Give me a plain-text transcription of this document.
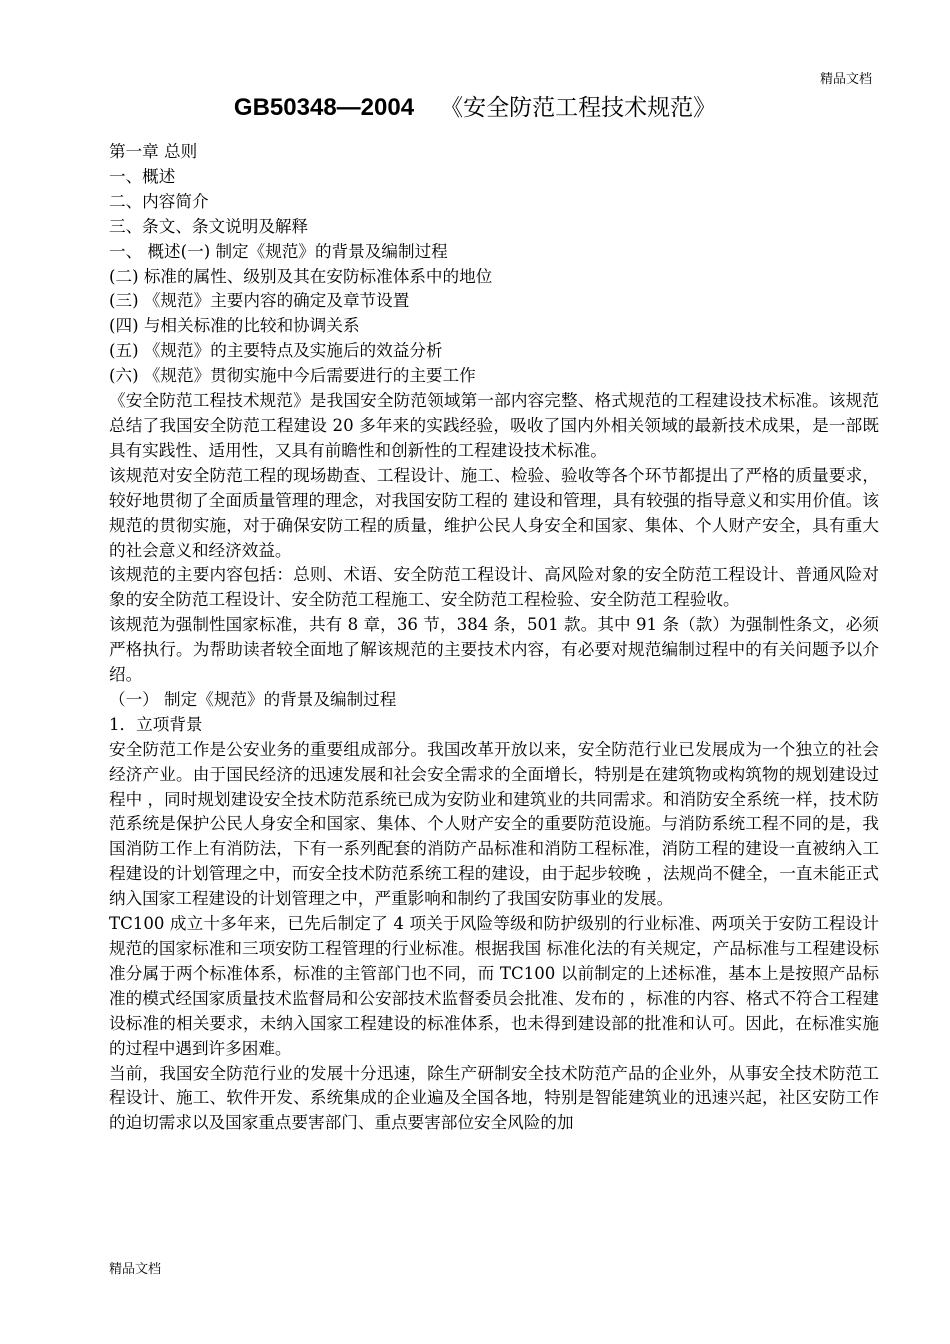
精品文档
GB50348—2004 《安全防范工程技术规范》
第一章 总则
一、概述
二、内容简介
三、条文、条文说明及解释
一、 概述(一) 制定《规范》的背景及编制过程
(二) 标准的属性、级别及其在安防标准体系中的地位
(三) 《规范》主要内容的确定及章节设置
(四) 与相关标准的比较和协调关系
(五) 《规范》的主要特点及实施后的效益分析
(六) 《规范》贯彻实施中今后需要进行的主要工作
《安全防范工程技术规范》是我国安全防范领域第一部内容完整、格式规范的工程建设技术标准。该规范总结了我国安全防范工程建设 20 多年来的实践经验，吸收了国内外相关领域的最新技术成果，是一部既具有实践性、适用性，又具有前瞻性和创新性的工程建设技术标准。
该规范对安全防范工程的现场勘查、工程设计、施工、检验、验收等各个环节都提出了严格的质量要求，较好地贯彻了全面质量管理的理念，对我国安防工程的 建设和管理，具有较强的指导意义和实用价值。该规范的贯彻实施，对于确保安防工程的质量，维护公民人身安全和国家、集体、个人财产安全，具有重大的社会意义和经济效益。
该规范的主要内容包括：总则、术语、安全防范工程设计、高风险对象的安全防范工程设计、普通风险对象的安全防范工程设计、安全防范工程施工、安全防范工程检验、安全防范工程验收。
该规范为强制性国家标准，共有 8 章，36 节，384 条，501 款。其中 91 条（款）为强制性条文，必须严格执行。为帮助读者较全面地了解该规范的主要技术内容，有必要对规范编制过程中的有关问题予以介绍。
（一） 制定《规范》的背景及编制过程
1．立项背景
安全防范工作是公安业务的重要组成部分。我国改革开放以来，安全防范行业已发展成为一个独立的社会经济产业。由于国民经济的迅速发展和社会安全需求的全面增长，特别是在建筑物或构筑物的规划建设过程中 ，同时规划建设安全技术防范系统已成为安防业和建筑业的共同需求。和消防安全系统一样，技术防范系统是保护公民人身安全和国家、集体、个人财产安全的重要防范设施。与消防系统工程不同的是，我国消防工作上有消防法，下有一系列配套的消防产品标准和消防工程标准，消防工程的建设一直被纳入工程建设的计划管理之中，而安全技术防范系统工程的建设，由于起步较晚 ，法规尚不健全，一直未能正式纳入国家工程建设的计划管理之中，严重影响和制约了我国安防事业的发展。
TC100 成立十多年来，已先后制定了 4 项关于风险等级和防护级别的行业标准、两项关于安防工程设计规范的国家标准和三项安防工程管理的行业标准。根据我国 标准化法的有关规定，产品标准与工程建设标准分属于两个标准体系，标准的主管部门也不同，而 TC100 以前制定的上述标准，基本上是按照产品标准的模式经国家质量技术监督局和公安部技术监督委员会批准、发布的 ，标准的内容、格式不符合工程建设标准的相关要求，未纳入国家工程建设的标准体系，也未得到建设部的批准和认可。因此，在标准实施的过程中遇到许多困难。
当前，我国安全防范行业的发展十分迅速，除生产研制安全技术防范产品的企业外，从事安全技术防范工程设计、施工、软件开发、系统集成的企业遍及全国各地，特别是智能建筑业的迅速兴起，社区安防工作的迫切需求以及国家重点要害部门、重点要害部位安全风险的加
精品文档
